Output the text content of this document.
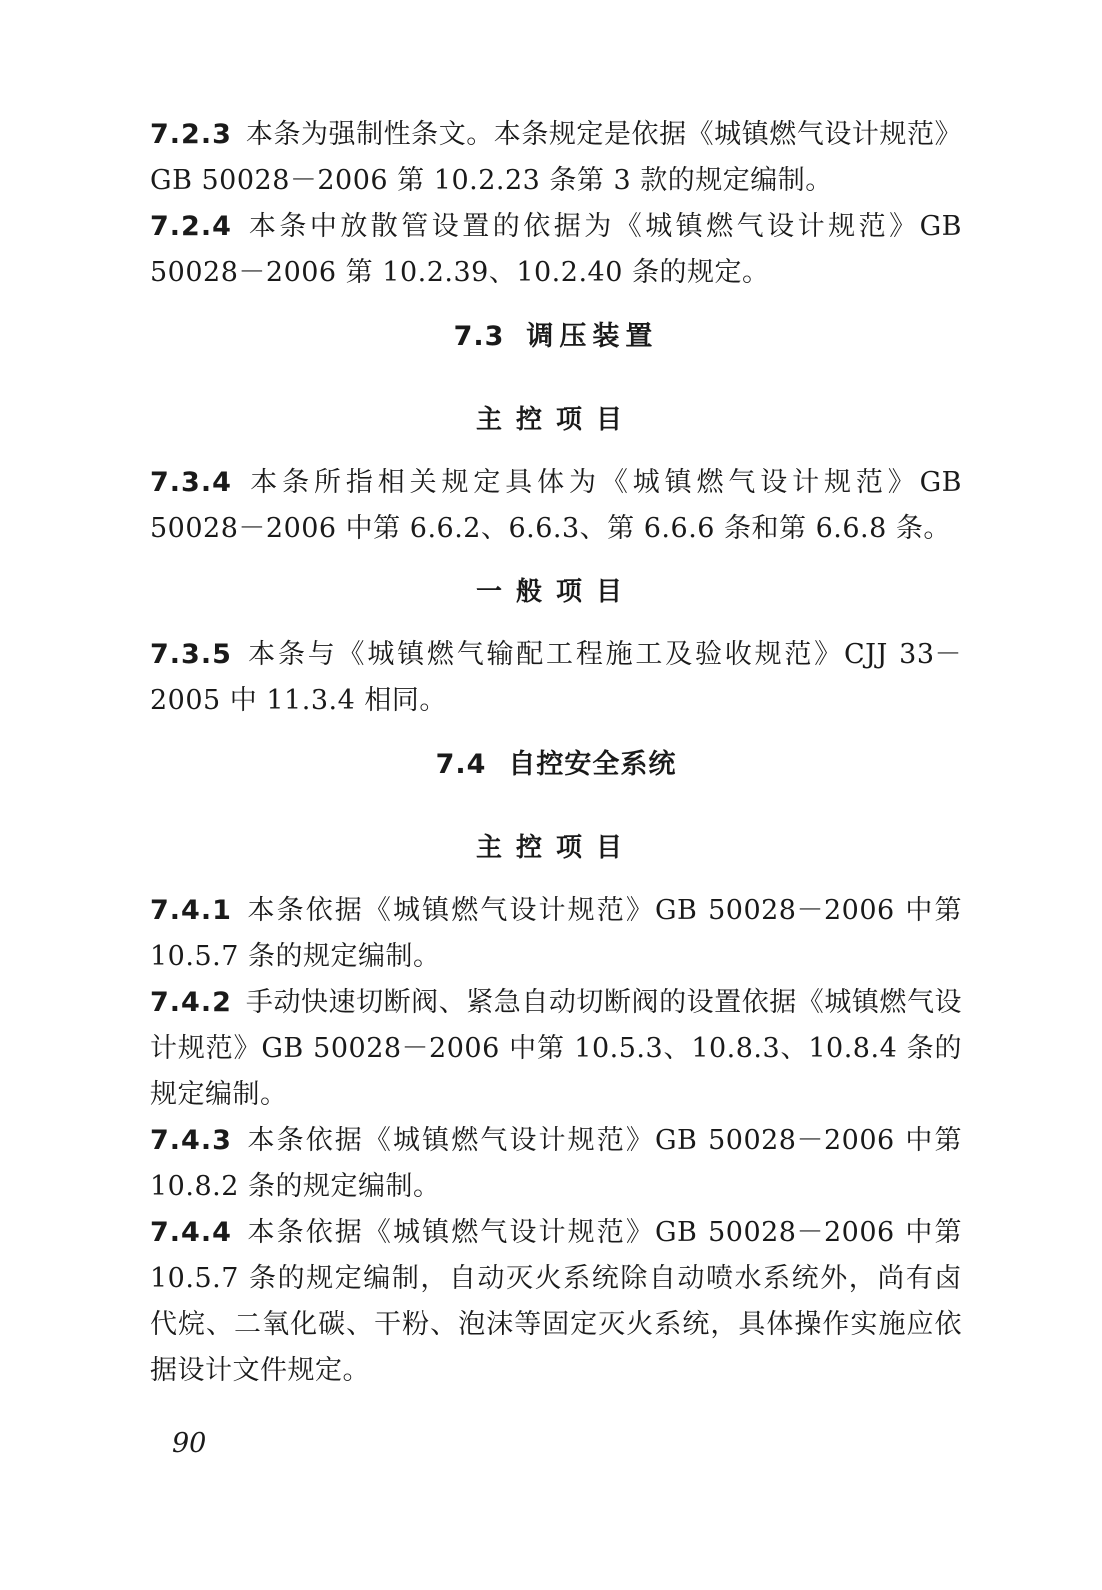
7.2.3 本条为强制性条文。本条规定是依据《城镇燃气设计规范》GB 50028－2006 第 10.2.23 条第 3 款的规定编制。

7.2.4 本条中放散管设置的依据为《城镇燃气设计规范》GB 50028－2006 第 10.2.39、10.2.40 条的规定。

7.3 调压装置
主控项目

7.3.4 本条所指相关规定具体为《城镇燃气设计规范》GB 50028－2006 中第 6.6.2、6.6.3、第 6.6.6 条和第 6.6.8 条。

一般项目

7.3.5 本条与《城镇燃气输配工程施工及验收规范》CJJ 33－2005 中 11.3.4 相同。

7.4 自控安全系统
主控项目

7.4.1 本条依据《城镇燃气设计规范》GB 50028－2006 中第 10.5.7 条的规定编制。

7.4.2 手动快速切断阀、紧急自动切断阀的设置依据《城镇燃气设计规范》GB 50028－2006 中第 10.5.3、10.8.3、10.8.4 条的规定编制。

7.4.3 本条依据《城镇燃气设计规范》GB 50028－2006 中第 10.8.2 条的规定编制。

7.4.4 本条依据《城镇燃气设计规范》GB 50028－2006 中第 10.5.7 条的规定编制，自动灭火系统除自动喷水系统外，尚有卤代烷、二氧化碳、干粉、泡沫等固定灭火系统，具体操作实施应依据设计文件规定。

90
